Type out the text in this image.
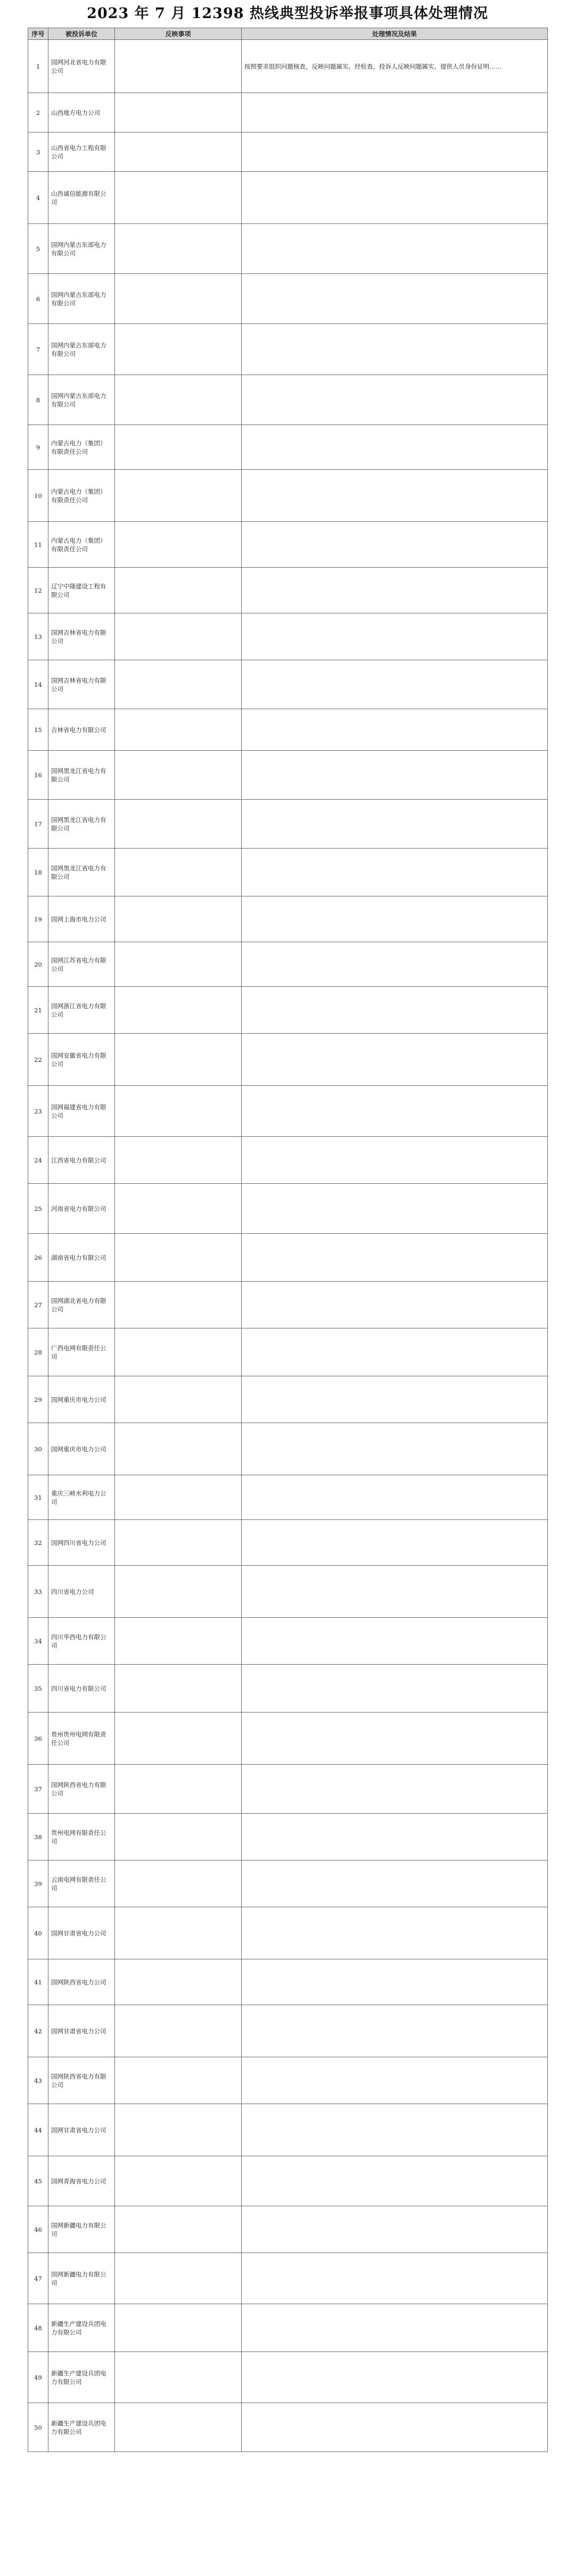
2023 年 7 月 12398 热线典型投诉举报事项具体处理情况
序号	被投诉单位	反映事项	处理情况及结果
1	国网河北省电力有限公司		按照要求组织问题核查，反映问题属实。经检查，投诉人反映问题属实，提供人员身份证明……
2	山西地方电力公司		
3	山西省电力工程有限公司		
4	山西诚信能源有限公司		
5	国网内蒙古东部电力有限公司		
6	国网内蒙古东部电力有限公司		
7	国网内蒙古东部电力有限公司		
8	国网内蒙古东部电力有限公司		
9	内蒙古电力（集团）有限责任公司		
10	内蒙古电力（集团）有限责任公司		
11	内蒙古电力（集团）有限责任公司		
12	辽宁中隆建设工程有限公司		
13	国网吉林省电力有限公司		
14	国网吉林省电力有限公司		
15	吉林省电力有限公司		
16	国网黑龙江省电力有限公司		
17	国网黑龙江省电力有限公司		
18	国网黑龙江省电力有限公司		
19	国网上海市电力公司		
20	国网江苏省电力有限公司		
21	国网浙江省电力有限公司		
22	国网安徽省电力有限公司		
23	国网福建省电力有限公司		
24	江西省电力有限公司		
25	河南省电力有限公司		
26	湖南省电力有限公司		
27	国网湖北省电力有限公司		
28	广西电网有限责任公司		
29	国网重庆市电力公司		
30	国网重庆市电力公司		
31	重庆三峡水利电力公司		
32	国网四川省电力公司		
33	四川省电力公司		
34	四川华西电力有限公司		
35	四川省电力有限公司		
36	贵州贵州电网有限责任公司		
37	国网陕西省电力有限公司		
38	贵州电网有限责任公司		
39	云南电网有限责任公司		
40	国网甘肃省电力公司		
41	国网陕西省电力公司		
42	国网甘肃省电力公司		
43	国网陕西省电力有限公司		
44	国网甘肃省电力公司		
45	国网青海省电力公司		
46	国网新疆电力有限公司		
47	国网新疆电力有限公司		
48	新疆生产建设兵团电力有限公司		
49	新疆生产建设兵团电力有限公司		
50	新疆生产建设兵团电力有限公司		
